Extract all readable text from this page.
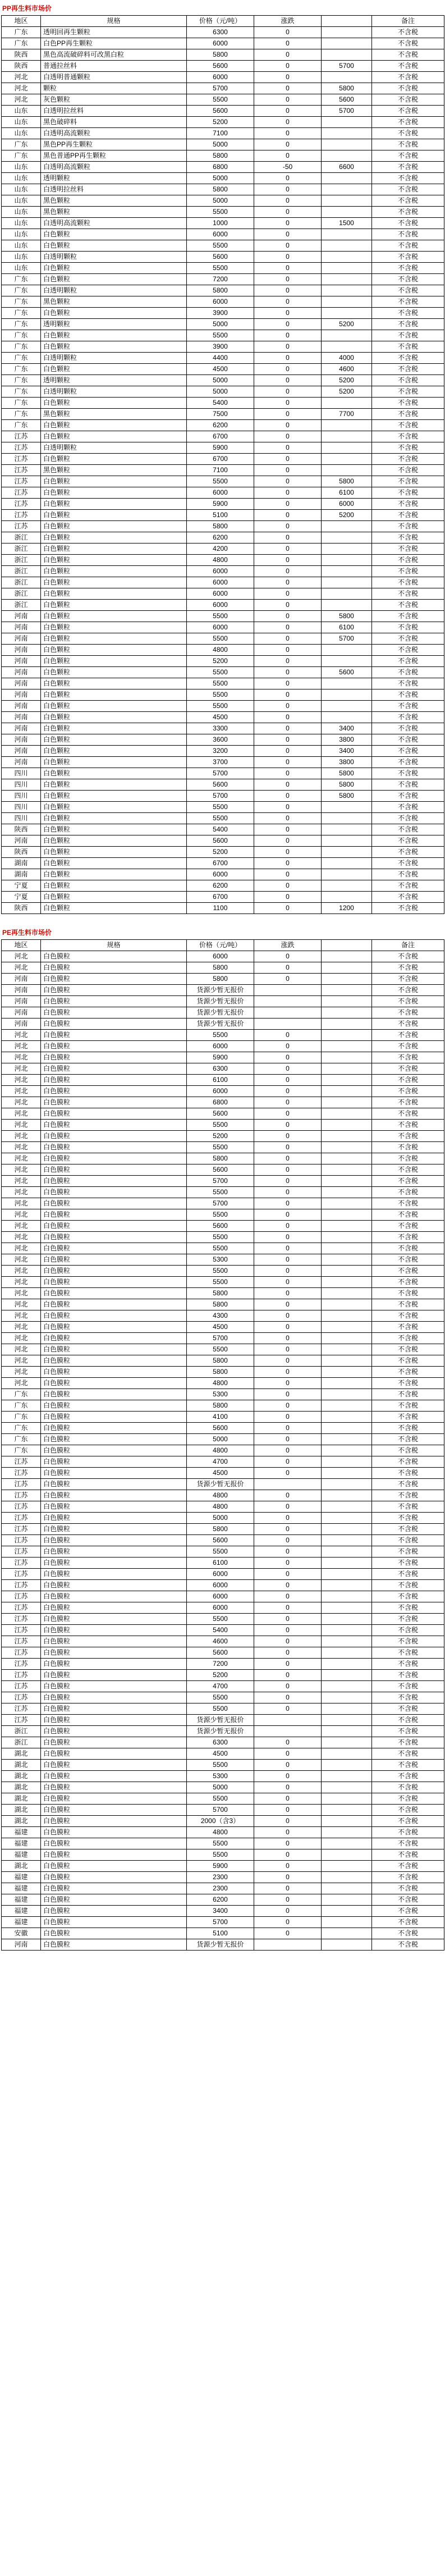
PP再生料市场价
地区	规格	价格（元/吨）	涨跌		备注
广东	透明回再生颗粒	6300	0		不含税
广东	白色PP再生颗粒	6000	0		不含税
陕西	黑色高流破碎料可改黑白粒	5800	0		不含税
陕西	普通拉丝料	5600	0	5700	不含税
河北	白透明普通颗粒	6000	0		不含税
河北	颗粒	5700	0	5800	不含税
河北	灰色颗粒	5500	0	5600	不含税
山东	白透明拉丝料	5600	0	5700	不含税
山东	黑色破碎料	5200	0		不含税
山东	白透明高流颗粒	7100	0		不含税
广东	黑色PP再生颗粒	5000	0		不含税
广东	黑色普通PP再生颗粒	5800	0		不含税
山东	白透明高流颗粒	6800	-50	6600	不含税
山东	透明颗粒	5000	0		不含税
山东	白透明拉丝料	5800	0		不含税
山东	黑色颗粒	5000	0		不含税
山东	黑色颗粒	5500	0		不含税
山东	白透明高流颗粒	1000	0	1500	不含税
山东	白色颗粒	6000	0		不含税
山东	白色颗粒	5500	0		不含税
山东	白透明颗粒	5600	0		不含税
山东	白色颗粒	5500	0		不含税
广东	白色颗粒	7200	0		不含税
广东	白透明颗粒	5800	0		不含税
广东	黑色颗粒	6000	0		不含税
广东	白色颗粒	3900	0		不含税
广东	透明颗粒	5000	0	5200	不含税
广东	白色颗粒	5500	0		不含税
广东	白色颗粒	3900	0		不含税
广东	白透明颗粒	4400	0	4000	不含税
广东	白色颗粒	4500	0	4600	不含税
广东	透明颗粒	5000	0	5200	不含税
广东	白透明颗粒	5000	0	5200	不含税
广东	白色颗粒	5400	0		不含税
广东	黑色颗粒	7500	0	7700	不含税
广东	白色颗粒	6200	0		不含税
江苏	白色颗粒	6700	0		不含税
江苏	白透明颗粒	5900	0		不含税
江苏	白色颗粒	6700	0		不含税
江苏	黑色颗粒	7100	0		不含税
江苏	白色颗粒	5500	0	5800	不含税
江苏	白色颗粒	6000	0	6100	不含税
江苏	白色颗粒	5900	0	6000	不含税
江苏	白色颗粒	5100	0	5200	不含税
江苏	白色颗粒	5800	0		不含税
浙江	白色颗粒	6200	0		不含税
浙江	白色颗粒	4200	0		不含税
浙江	白色颗粒	4800	0		不含税
浙江	白色颗粒	6000	0		不含税
浙江	白色颗粒	6000	0		不含税
浙江	白色颗粒	6000	0		不含税
浙江	白色颗粒	6000	0		不含税
河南	白色颗粒	5500	0	5800	不含税
河南	白色颗粒	6000	0	6100	不含税
河南	白色颗粒	5500	0	5700	不含税
河南	白色颗粒	4800	0		不含税
河南	白色颗粒	5200	0		不含税
河南	白色颗粒	5500	0	5600	不含税
河南	白色颗粒	5500	0		不含税
河南	白色颗粒	5500	0		不含税
河南	白色颗粒	5500	0		不含税
河南	白色颗粒	4500	0		不含税
河南	白色颗粒	3300	0	3400	不含税
河南	白色颗粒	3600	0	3800	不含税
河南	白色颗粒	3200	0	3400	不含税
河南	白色颗粒	3700	0	3800	不含税
四川	白色颗粒	5700	0	5800	不含税
四川	白色颗粒	5600	0	5800	不含税
四川	白色颗粒	5700	0	5800	不含税
四川	白色颗粒	5500	0		不含税
四川	白色颗粒	5500	0		不含税
陕西	白色颗粒	5400	0		不含税
河南	白色颗粒	5600	0		不含税
陕西	白色颗粒	5200	0		不含税
湖南	白色颗粒	6700	0		不含税
湖南	白色颗粒	6000	0		不含税
宁夏	白色颗粒	6200	0		不含税
宁夏	白色颗粒	6700	0		不含税
陕西	白色颗粒	1100	0	1200	不含税
PE再生料市场价
地区	规格	价格（元/吨）	涨跌		备注
河北	白色膜粒	6000	0		不含税
河北	白色膜粒	5800	0		不含税
河南	白色膜粒	5800	0		不含税
河南	白色膜粒	货源少暂无报价			不含税
河南	白色膜粒	货源少暂无报价			不含税
河南	白色膜粒	货源少暂无报价			不含税
河南	白色膜粒	货源少暂无报价			不含税
河北	白色膜粒	5500	0		不含税
河北	白色膜粒	6000	0		不含税
河北	白色膜粒	5900	0		不含税
河北	白色膜粒	6300	0		不含税
河北	白色膜粒	6100	0		不含税
河北	白色膜粒	6000	0		不含税
河北	白色膜粒	6800	0		不含税
河北	白色膜粒	5600	0		不含税
河北	白色膜粒	5500	0		不含税
河北	白色膜粒	5200	0		不含税
河北	白色膜粒	5500	0		不含税
河北	白色膜粒	5800	0		不含税
河北	白色膜粒	5600	0		不含税
河北	白色膜粒	5700	0		不含税
河北	白色膜粒	5500	0		不含税
河北	白色膜粒	5700	0		不含税
河北	白色膜粒	5500	0		不含税
河北	白色膜粒	5600	0		不含税
河北	白色膜粒	5500	0		不含税
河北	白色膜粒	5500	0		不含税
河北	白色膜粒	5300	0		不含税
河北	白色膜粒	5500	0		不含税
河北	白色膜粒	5500	0		不含税
河北	白色膜粒	5800	0		不含税
河北	白色膜粒	5800	0		不含税
河北	白色膜粒	4300	0		不含税
河北	白色膜粒	4500	0		不含税
河北	白色膜粒	5700	0		不含税
河北	白色膜粒	5500	0		不含税
河北	白色膜粒	5800	0		不含税
河北	白色膜粒	5800	0		不含税
河北	白色膜粒	4800	0		不含税
广东	白色膜粒	5300	0		不含税
广东	白色膜粒	5800	0		不含税
广东	白色膜粒	4100	0		不含税
广东	白色膜粒	5600	0		不含税
广东	白色膜粒	5000	0		不含税
广东	白色膜粒	4800	0		不含税
江苏	白色膜粒	4700	0		不含税
江苏	白色膜粒	4500	0		不含税
江苏	白色膜粒	货源少暂无报价			不含税
江苏	白色膜粒	4800	0		不含税
江苏	白色膜粒	4800	0		不含税
江苏	白色膜粒	5000	0		不含税
江苏	白色膜粒	5800	0		不含税
江苏	白色膜粒	5600	0		不含税
江苏	白色膜粒	5500	0		不含税
江苏	白色膜粒	6100	0		不含税
江苏	白色膜粒	6000	0		不含税
江苏	白色膜粒	6000	0		不含税
江苏	白色膜粒	6000	0		不含税
江苏	白色膜粒	6000	0		不含税
江苏	白色膜粒	5500	0		不含税
江苏	白色膜粒	5400	0		不含税
江苏	白色膜粒	4600	0		不含税
江苏	白色膜粒	5600	0		不含税
江苏	白色膜粒	7200	0		不含税
江苏	白色膜粒	5200	0		不含税
江苏	白色膜粒	4700	0		不含税
江苏	白色膜粒	5500	0		不含税
江苏	白色膜粒	5500	0		不含税
江苏	白色膜粒	货源少暂无报价			不含税
浙江	白色膜粒	货源少暂无报价			不含税
浙江	白色膜粒	6300	0		不含税
湖北	白色膜粒	4500	0		不含税
湖北	白色膜粒	5500	0		不含税
湖北	白色膜粒	5300	0		不含税
湖北	白色膜粒	5000	0		不含税
湖北	白色膜粒	5500	0		不含税
湖北	白色膜粒	5700	0		不含税
湖北	白色膜粒	2000（含3）	0		不含税
福建	白色膜粒	4800	0		不含税
福建	白色膜粒	5500	0		不含税
福建	白色膜粒	5500	0		不含税
湖北	白色膜粒	5900	0		不含税
福建	白色膜粒	2300	0		不含税
福建	白色膜粒	2300	0		不含税
福建	白色膜粒	6200	0		不含税
福建	白色膜粒	3400	0		不含税
福建	白色膜粒	5700	0		不含税
安徽	白色膜粒	5100	0		不含税
河南	白色膜粒	货源少暂无报价			不含税
